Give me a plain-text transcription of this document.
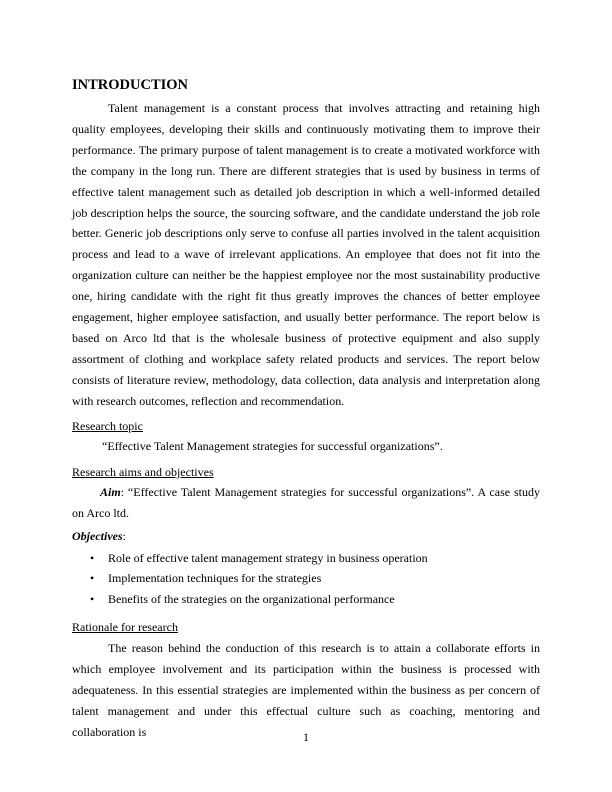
INTRODUCTION

Talent management is a constant process that involves attracting and retaining high quality employees, developing their skills and continuously motivating them to improve their performance. The primary purpose of talent management is to create a motivated workforce with the company in the long run. There are different strategies that is used by business in terms of effective talent management such as detailed job description in which a well-informed detailed job description helps the source, the sourcing software, and the candidate understand the job role better. Generic job descriptions only serve to confuse all parties involved in the talent acquisition process and lead to a wave of irrelevant applications. An employee that does not fit into the organization culture can neither be the happiest employee nor the most sustainability productive one, hiring candidate with the right fit thus greatly improves the chances of better employee engagement, higher employee satisfaction, and usually better performance. The report below is based on Arco ltd that is the wholesale business of protective equipment and also supply assortment of clothing and workplace safety related products and services. The report below consists of literature review, methodology, data collection, data analysis and interpretation along with research outcomes, reflection and recommendation.

Research topic

“Effective Talent Management strategies for successful organizations”.

Research aims and objectives

Aim: “Effective Talent Management strategies for successful organizations”. A case study on Arco ltd.

Objectives:

• Role of effective talent management strategy in business operation
• Implementation techniques for the strategies
• Benefits of the strategies on the organizational performance

Rationale for research

The reason behind the conduction of this research is to attain a collaborate efforts in which employee involvement and its participation within the business is processed with adequateness. In this essential strategies are implemented within the business as per concern of talent management and under this effectual culture such as coaching, mentoring and collaboration is	1
